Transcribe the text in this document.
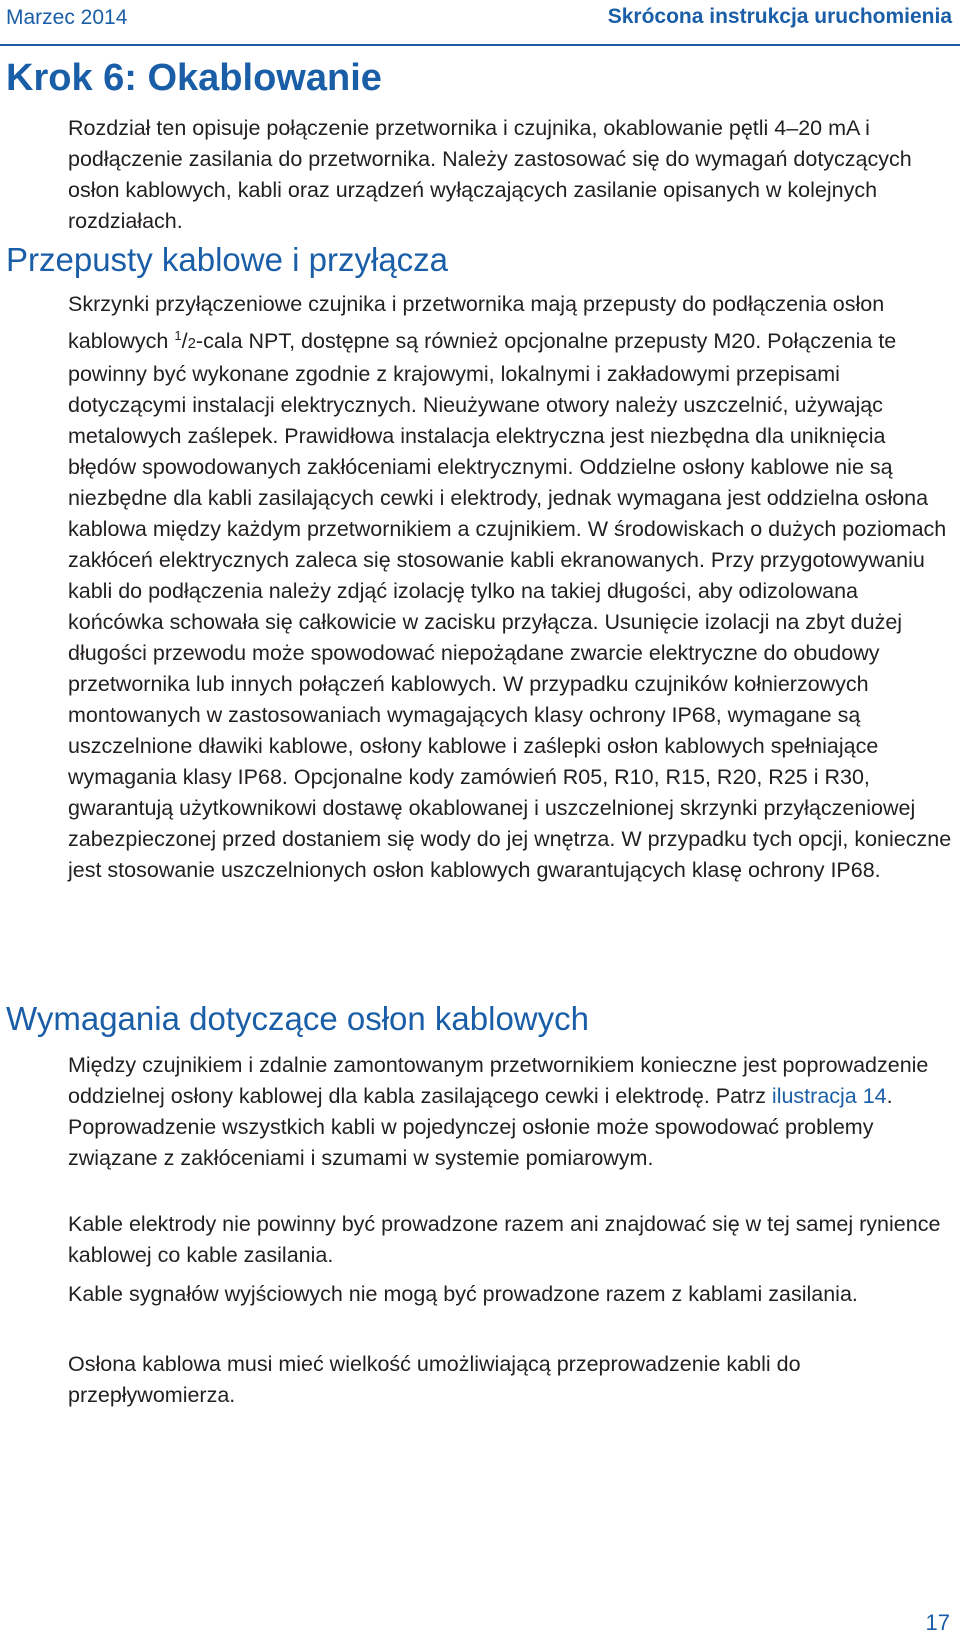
Marzec 2014	Skrócona instrukcja uruchomienia
Krok 6: Okablowanie

Rozdział ten opisuje połączenie przetwornika i czujnika, okablowanie pętli 4–20 mA i podłączenie zasilania do przetwornika. Należy zastosować się do wymagań dotyczących osłon kablowych, kabli oraz urządzeń wyłączających zasilanie opisanych w kolejnych rozdziałach.

Przepusty kablowe i przyłącza

Skrzynki przyłączeniowe czujnika i przetwornika mają przepusty do podłączenia osłon kablowych $^1$/2-cala NPT, dostępne są również opcjonalne przepusty M20. Połączenia te powinny być wykonane zgodnie z krajowymi, lokalnymi i zakładowymi przepisami dotyczącymi instalacji elektrycznych. Nieużywane otwory należy uszczelnić, używając metalowych zaślepek. Prawidłowa instalacja elektryczna jest niezbędna dla uniknięcia błędów spowodowanych zakłóceniami elektrycznymi. Oddzielne osłony kablowe nie są niezbędne dla kabli zasilających cewki i elektrody, jednak wymagana jest oddzielna osłona kablowa między każdym przetwornikiem a czujnikiem. W środowiskach o dużych poziomach zakłóceń elektrycznych zaleca się stosowanie kabli ekranowanych. Przy przygotowywaniu kabli do podłączenia należy zdjąć izolację tylko na takiej długości, aby odizolowana końcówka schowała się całkowicie w zacisku przyłącza. Usunięcie izolacji na zbyt dużej długości przewodu może spowodować niepożądane zwarcie elektryczne do obudowy przetwornika lub innych połączeń kablowych. W przypadku czujników kołnierzowych montowanych w zastosowaniach wymagających klasy ochrony IP68, wymagane są uszczelnione dławiki kablowe, osłony kablowe i zaślepki osłon kablowych spełniające wymagania klasy IP68. Opcjonalne kody zamówień R05, R10, R15, R20, R25 i R30, gwarantują użytkownikowi dostawę okablowanej i uszczelnionej skrzynki przyłączeniowej zabezpieczonej przed dostaniem się wody do jej wnętrza. W przypadku tych opcji, konieczne jest stosowanie uszczelnionych osłon kablowych gwarantujących klasę ochrony IP68.

Wymagania dotyczące osłon kablowych

Między czujnikiem i zdalnie zamontowanym przetwornikiem konieczne jest poprowadzenie oddzielnej osłony kablowej dla kabla zasilającego cewki i elektrodę. Patrz ilustracja 14. Poprowadzenie wszystkich kabli w pojedynczej osłonie może spowodować problemy związane z zakłóceniami i szumami w systemie pomiarowym.

Kable elektrody nie powinny być prowadzone razem ani znajdować się w tej samej rynience kablowej co kable zasilania.

Kable sygnałów wyjściowych nie mogą być prowadzone razem z kablami zasilania.

Osłona kablowa musi mieć wielkość umożliwiającą przeprowadzenie kabli do przepływomierza.

17
